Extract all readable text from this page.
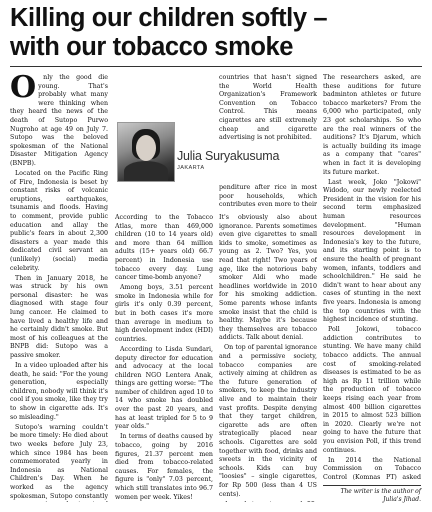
Killing our children softly –
with our tobacco smoke
O	nly the good die young. That's probably what many were thinking when they heard the news of the death of Sutopo Purwo Nugroho at age 49 on July 7. Sutopo was the beloved spokesman of the National Disaster Mitigation Agency (BNPB).

Located on the Pacific Ring of Fire, Indonesia is beset by constant risks of volcanic eruptions, earthquakes, tsunamis and floods. Having to comment, provide public education and allay the public's fears in about 2,300 disasters a year made this dedicated civil servant an (unlikely) (social) media celebrity.

Then in January 2018, he was struck by his own personal disaster: he was diagnosed with stage four lung cancer. He claimed to have lived a healthy life and he certainly didn't smoke. But most of his colleagues at the BNPB did: Sutopo was a passive smoker.

In a video uploaded after his death, he said: "For the young generation, especially children, nobody will think it's cool if you smoke, like they try to show in cigarette ads. It's so misleading."

Sutopo's warning couldn't be more timely: He died about two weeks before July 23, which since 1984 has been commemorated yearly in Indonesia as National Children's Day. When he worked as the agency spokesman, Sutopo constantly

countries that hasn't signed the World Health Organization's Framework Convention on Tobacco Control. This means cigarettes are still extremely cheap and cigarette advertising is not prohibited.

Julia Suryakusuma
JAKARTA

According to the Tobacco Atlas, more than 469,000 children (10 to 14 years old) and more than 64 million adults (15+ years old) 66.7 percent) in Indonesia use tobacco every day. Lung cancer time-bomb anyone?

Among boys, 3.51 percent smoke in Indonesia while for girls it's only 0.39 percent, but in both cases it's more than average in medium to high development index (HDI) countries.

According to Lisda Sundari, deputy director for education and advocacy at the local children NGO Lentera Anak, things are getting worse: "The number of children aged 10 to 14 who smoke has doubled over the past 20 years, and has at least tripled for 5 to 9 year olds."

In terms of deaths caused by tobacco, going by 2016 figures, 21.37 percent men died from tobacco-related causes. For females, the figure is "only" 7.03 percent, which still translates into 96.7 women per week. Yikes!

penditure after rice in most poor households, which contributes even more to their

It's obviously also about ignorance. Parents sometimes even give cigarettes to small kids to smoke, sometimes as young as 2. Two? Yes, you read that right! Two years of age, like the notorious baby smoker Aldi who made headlines worldwide in 2010 for his smoking addiction. Some parents whose infants smoke insist that the child is healthy. Maybe it's because they themselves are tobacco addicts. Talk about denial.

On top of parental ignorance and a permissive society, tobacco companies are actively aiming at children as the future generation of smokers, to keep the industry alive and to maintain their vast profits. Despite denying that they target children, cigarette ads are often strategically placed near schools. Cigarettes are sold together with food, drinks and sweets in the vicinity of schools. Kids can buy "loosies" – single cigarettes, for Rp 500 (less than 4 US cents).

The researchers asked, are these auditions for future badminton athletes or future tobacco marketers? From the 6,000 who participated, only 23 got scholarships. So who are the real winners of the auditions? It's Djarum, which is actually building its image as a company that "cares" when in fact it is developing its future market.

Last week, Joko "Jokowi" Widodo, our newly reelected President in the vision for his second term emphasized human resources development. "Human resources development in Indonesia's key to the future, and its starting point is to ensure the health of pregnant women, infants, toddlers and schoolchildren." He said he didn't want to hear about any cases of stunting in the next five years. Indonesia is among the top countries with the highest incidence of stunting.

Poll Jokowi, tobacco addiction contributes to stunting. We have many child tobacco addicts. The annual cost of smoking-related diseases is estimated to be as high as Rp 11 trillion while the production of tobacco keeps rising each year from almost 400 billion cigarettes in 2015 to almost 523 billion in 2020. Clearly we're not going to have the future that you envision Poll, if this trend continues.

In 2014 the National Commission on Tobacco Control (Komnas PT) asked

The writer is the author of Julia's Jihad.
